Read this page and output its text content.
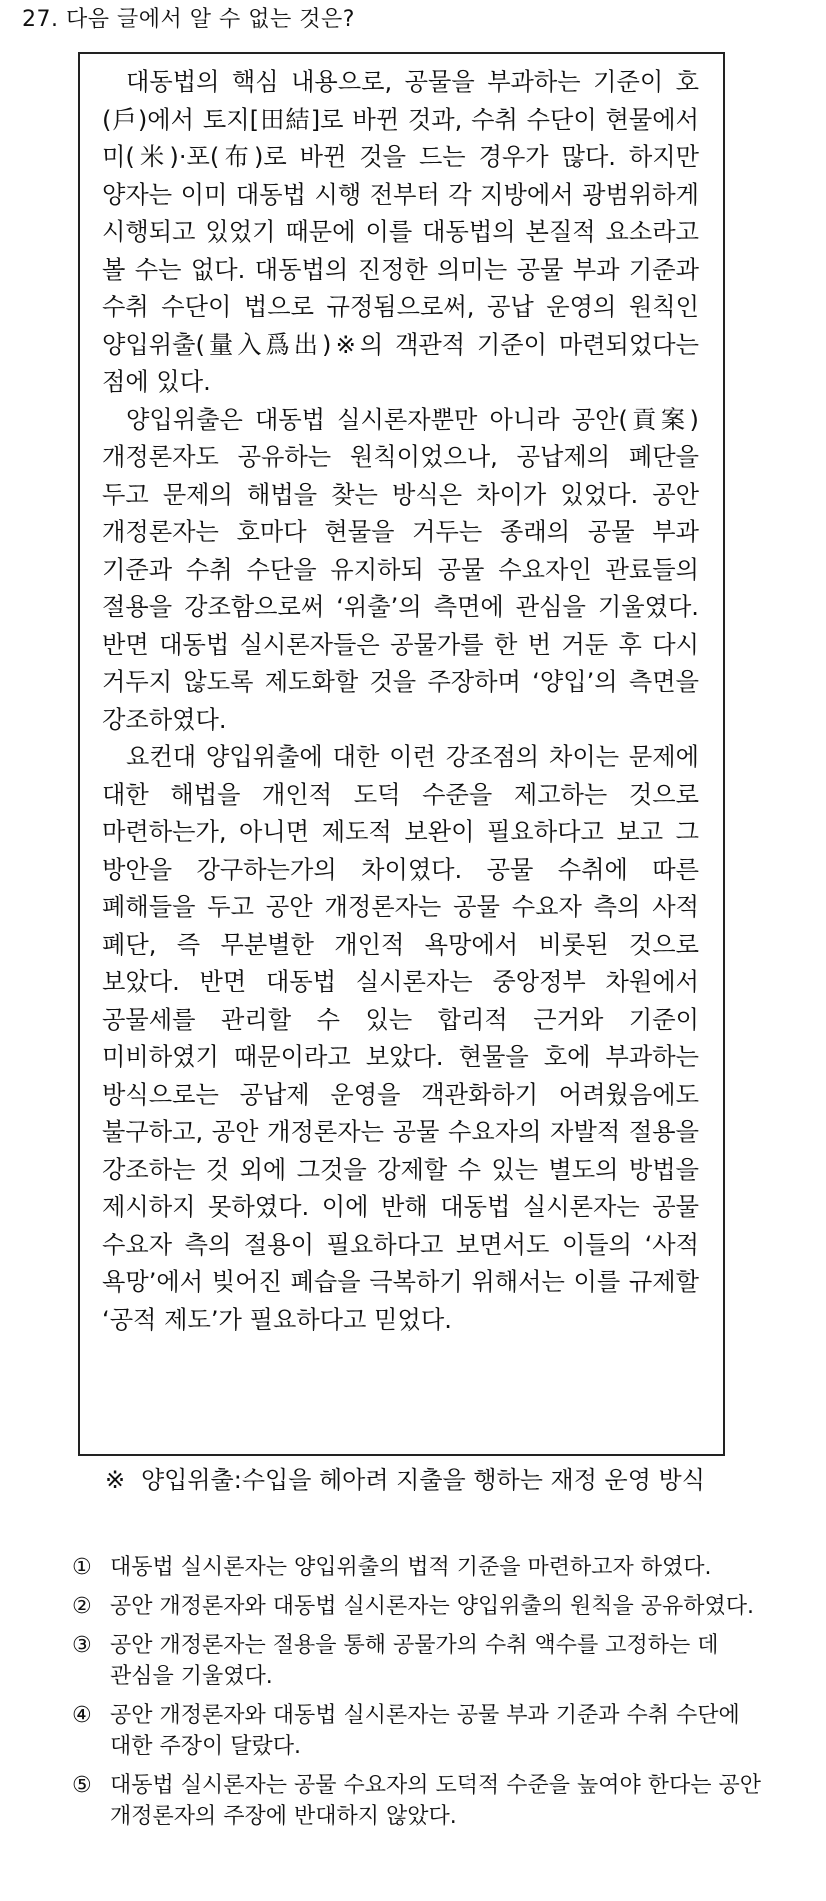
27. 다음 글에서 알 수 없는 것은?

대동법의 핵심 내용으로, 공물을 부과하는 기준이 호(戶)에서 토지[田結]로 바뀐 것과, 수취 수단이 현물에서 미(米)·포(布)로 바뀐 것을 드는 경우가 많다. 하지만 양자는 이미 대동법 시행 전부터 각 지방에서 광범위하게 시행되고 있었기 때문에 이를 대동법의 본질적 요소라고 볼 수는 없다. 대동법의 진정한 의미는 공물 부과 기준과 수취 수단이 법으로 규정됨으로써, 공납 운영의 원칙인 양입위출(量入爲出)※의 객관적 기준이 마련되었다는 점에 있다.

양입위출은 대동법 실시론자뿐만 아니라 공안(貢案) 개정론자도 공유하는 원칙이었으나, 공납제의 폐단을 두고 문제의 해법을 찾는 방식은 차이가 있었다. 공안 개정론자는 호마다 현물을 거두는 종래의 공물 부과 기준과 수취 수단을 유지하되 공물 수요자인 관료들의 절용을 강조함으로써 ‘위출’의 측면에 관심을 기울였다. 반면 대동법 실시론자들은 공물가를 한 번 거둔 후 다시 거두지 않도록 제도화할 것을 주장하며 ‘양입’의 측면을 강조하였다.

요컨대 양입위출에 대한 이런 강조점의 차이는 문제에 대한 해법을 개인적 도덕 수준을 제고하는 것으로 마련하는가, 아니면 제도적 보완이 필요하다고 보고 그 방안을 강구하는가의 차이였다. 공물 수취에 따른 폐해들을 두고 공안 개정론자는 공물 수요자 측의 사적 폐단, 즉 무분별한 개인적 욕망에서 비롯된 것으로 보았다. 반면 대동법 실시론자는 중앙정부 차원에서 공물세를 관리할 수 있는 합리적 근거와 기준이 미비하였기 때문이라고 보았다. 현물을 호에 부과하는 방식으로는 공납제 운영을 객관화하기 어려웠음에도 불구하고, 공안 개정론자는 공물 수요자의 자발적 절용을 강조하는 것 외에 그것을 강제할 수 있는 별도의 방법을 제시하지 못하였다. 이에 반해 대동법 실시론자는 공물 수요자 측의 절용이 필요하다고 보면서도 이들의 ‘사적 욕망’에서 빚어진 폐습을 극복하기 위해서는 이를 규제할 ‘공적 제도’가 필요하다고 믿었다.

※ 양입위출:수입을 헤아려 지출을 행하는 재정 운영 방식
① 대동법 실시론자는 양입위출의 법적 기준을 마련하고자 하였다.
② 공안 개정론자와 대동법 실시론자는 양입위출의 원칙을 공유하였다.
③ 공안 개정론자는 절용을 통해 공물가의 수취 액수를 고정하는 데 관심을 기울였다.
④ 공안 개정론자와 대동법 실시론자는 공물 부과 기준과 수취 수단에 대한 주장이 달랐다.
⑤ 대동법 실시론자는 공물 수요자의 도덕적 수준을 높여야 한다는 공안 개정론자의 주장에 반대하지 않았다.
